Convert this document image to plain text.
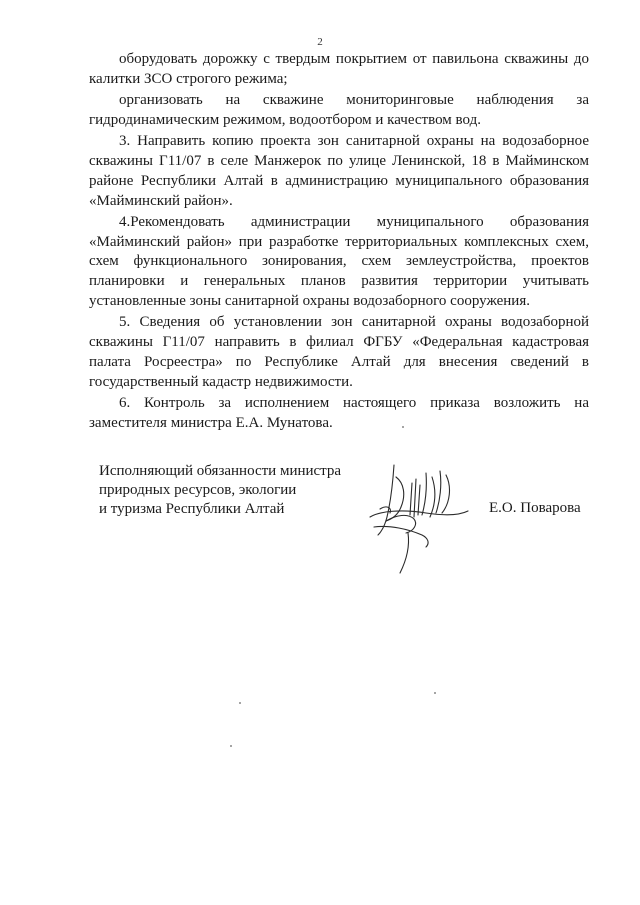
2

оборудовать дорожку с твердым покрытием от павильона скважины до калитки ЗСО строгого режима;

организовать на скважине мониторинговые наблюдения за гидродинамическим режимом, водоотбором и качеством вод.

3. Направить копию проекта зон санитарной охраны на водозаборное скважины Г11/07 в селе Манжерок по улице Ленинской, 18 в Майминском районе Республики Алтай в администрацию муниципального образования «Майминский район».

4.Рекомендовать администрации муниципального образования «Майминский район» при разработке территориальных комплексных схем, схем функционального зонирования, схем землеустройства, проектов планировки и генеральных планов развития территории учитывать установленные зоны санитарной охраны водозаборного сооружения.

5. Сведения об установлении зон санитарной охраны водозаборной скважины Г11/07 направить в филиал ФГБУ «Федеральная кадастровая палата Росреестра» по Республике Алтай для внесения сведений в государственный кадастр недвижимости.

6. Контроль за исполнением настоящего приказа возложить на заместителя министра Е.А. Мунатова.

Исполняющий обязанности министра
природных ресурсов, экологии
и туризма Республики Алтай	Е.О. Поварова
